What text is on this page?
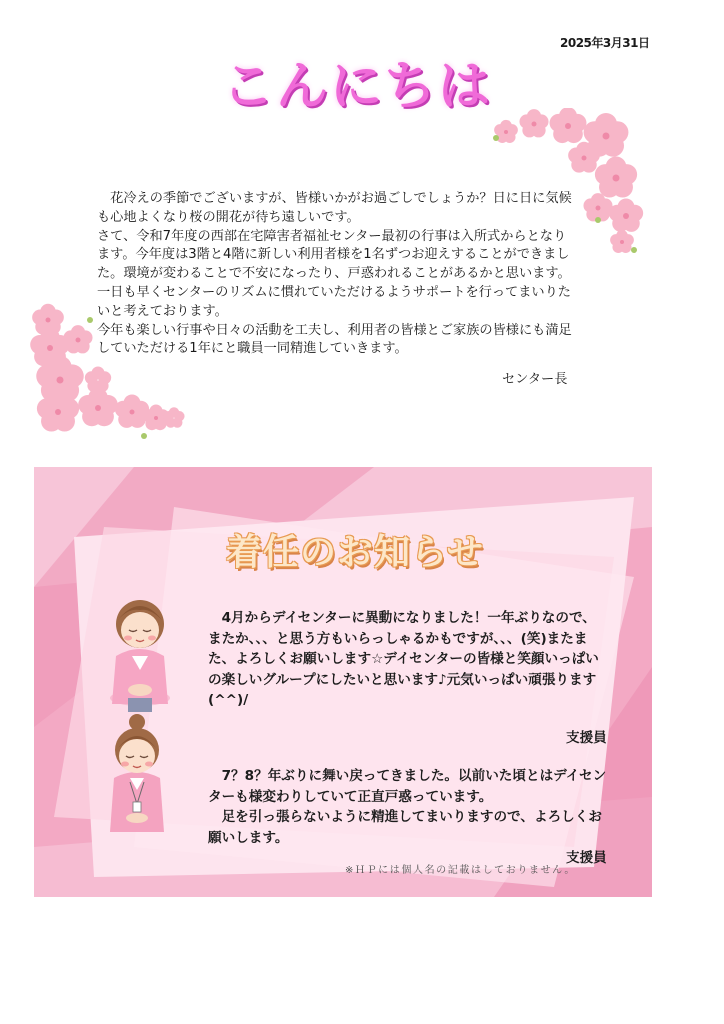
2025年3月31日
こんにちは

　花冷えの季節でございますが、皆様いかがお過ごしでしょうか？日に日に気候も心地よくなり桜の開花が待ち遠しいです。

さて、令和7年度の西部在宅障害者福祉センター最初の行事は入所式からとなります。今年度は3階と4階に新しい利用者様を1名ずつお迎えすることができました。環境が変わることで不安になったり、戸惑われることがあるかと思います。一日も早くセンターのリズムに慣れていただけるようサポートを行ってまいりたいと考えております。

今年も楽しい行事や日々の活動を工夫し、利用者の皆様とご家族の皆様にも満足していただける1年にと職員一同精進していきます。

センター長
着任のお知らせ

　4月からデイセンターに異動になりました！一年ぶりなので、またか、、、と思う方もいらっしゃるかもですが、、、(笑)またまた、よろしくお願いします☆デイセンターの皆様と笑顔いっぱいの楽しいグループにしたいと思います♪元気いっぱい頑張ります(^^)/

支援員

　7？8？年ぶりに舞い戻ってきました。以前いた頃とはデイセンターも様変わりしていて正直戸惑っています。

　足を引っ張らないように精進してまいりますので、よろしくお願いします。

支援員
※ＨＰには個人名の記載はしておりません。
